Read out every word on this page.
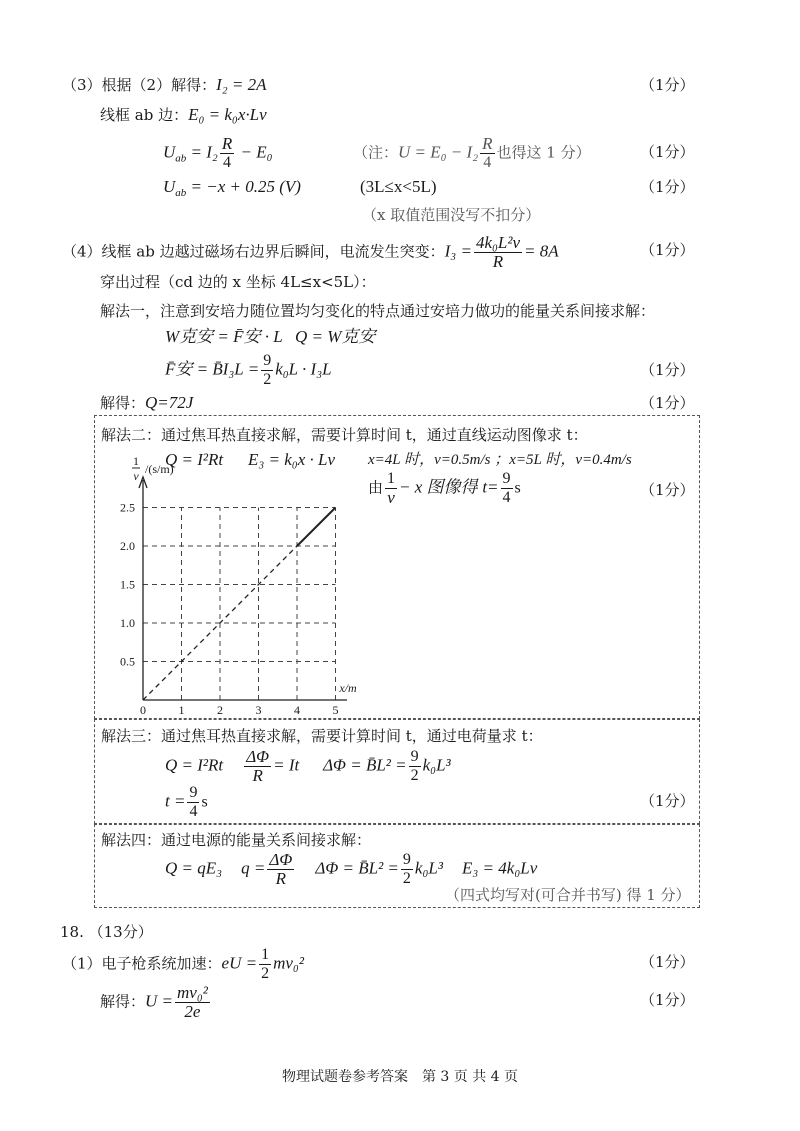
（3）根据（2）解得：I₂ = 2A	（1分）
线框 ab 边：E₀ = k₀x·Lv
$U_{ab} = I_2 \frac{R}{4} - E_0$	（注：$U = E_0 - I_2 \frac{R}{4}$ 也得这 1 分）	（1分）
$U_{ab} = -x + 0.25$ (V)	(3L≤x<5L)	（1分）
（x 取值范围没写不扣分）
（4）线框 ab 边越过磁场右边界后瞬间，电流发生突变：$I_3 = \frac{\text{4k₀L²v}}{R} = 8A$	（1分）
穿出过程（cd 边的 x 坐标 4L≤x<5L）：
解法一，注意到安培力随位置均匀变化的特点通过安培力做功的能量关系间接求解：
W克安 = F̄安 · L Q = W克安
F̄安 = B̄I₃L = $\frac{9}{2} k_0L \cdot I_3L$	（1分）
解得：Q=72J	（1分）
解法二：通过焦耳热直接求解，需要计算时间 t，通过直线运动图像求 t：
Q = I²Rt E₃ = k₀x · Lv x=4L 时，v=0.5m/s ；x=5L 时，v=0.4m/s
由 $\frac{1}{v} - x$ 图像得 $t= \frac{9}{4}$ s	（1分）
0	1	2	3	4	5
0.5
1.0
1.5
2.0
2.5
x/m
1
v /(s/m)
解法三：通过焦耳热直接求解，需要计算时间 t，通过电荷量求 t：
$Q = I^2Rt \frac{\Delta\Phi}{R} = It$ ΔΦ = B̄L² = $\frac{9}{2} k_0L^3$
$t = \frac{9}{4}$ s	（1分）
解法四：通过电源的能量关系间接求解：
Q = qE₃ $q = \frac{\Delta\Phi}{R}$ ΔΦ = B̄L² = $\frac{9}{2} k_0L^3$ E₃ = 4k₀Lv
（四式均写对(可合并书写) 得 1 分）
18. （13分）
（1）电子枪系统加速：eU = $\frac{1}{2} mv_0^2$	（1分）
解得：$U = \frac{\text{mv₀²}}{2e}$	（1分）
物理试题卷参考答案　第 3 页 共 4 页
